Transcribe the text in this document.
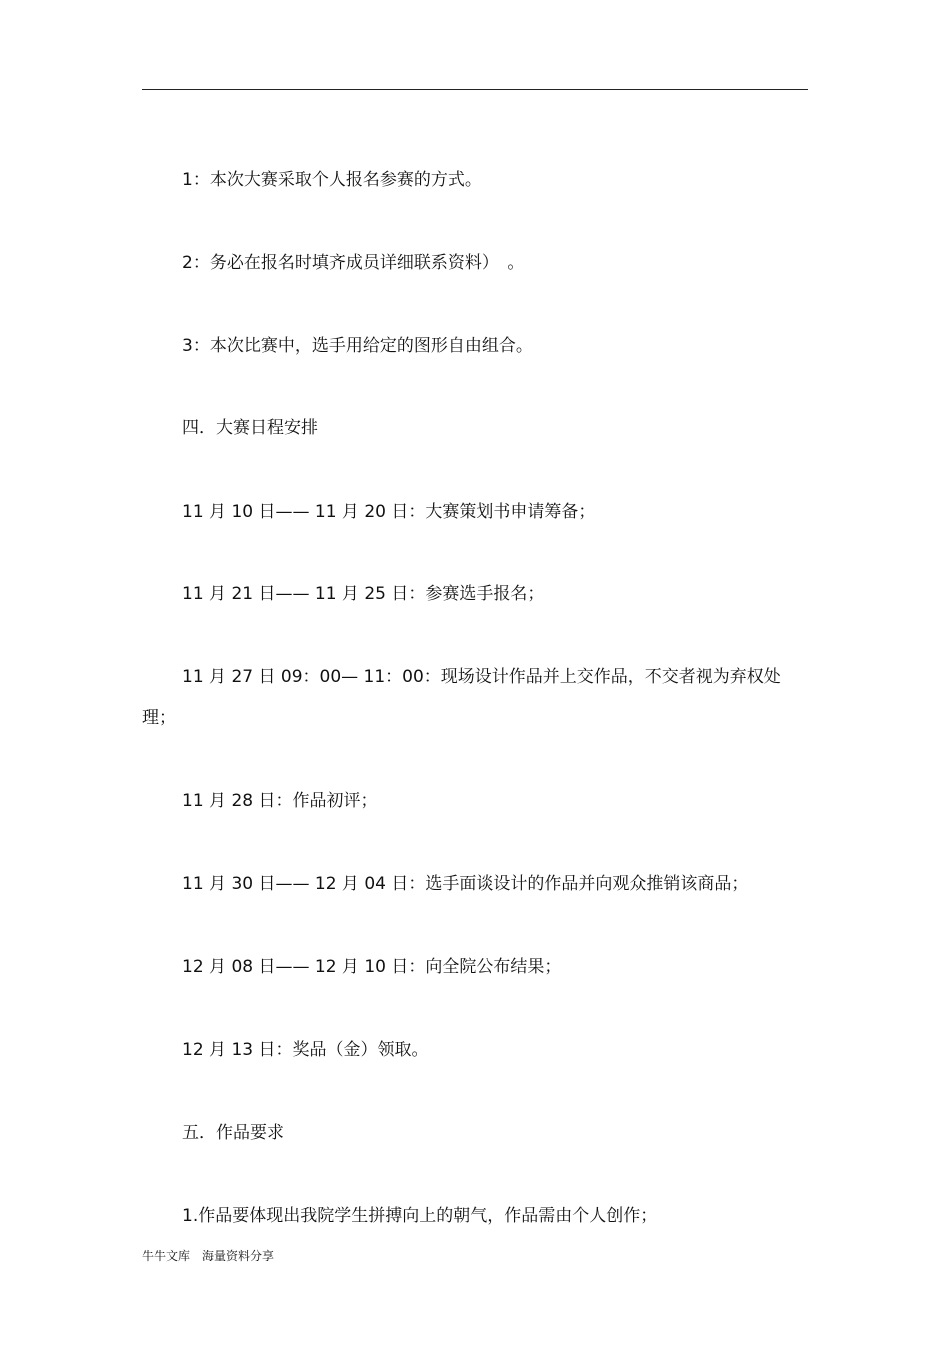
1：本次大赛采取个人报名参赛的方式。

2：务必在报名时填齐成员详细联系资料）　。

3：本次比赛中，选手用给定的图形自由组合。

四．大赛日程安排

11 月 10 日—— 11 月 20 日：大赛策划书申请筹备；

11 月 21 日—— 11 月 25 日：参赛选手报名；

11 月 27 日 09：00— 11：00：现场设计作品并上交作品，不交者视为弃权处理；

11 月 28 日：作品初评；

11 月 30 日—— 12 月 04 日：选手面谈设计的作品并向观众推销该商品；

12 月 08 日—— 12 月 10 日：向全院公布结果；

12 月 13 日：奖品（金）领取。

五．作品要求

1.作品要体现出我院学生拼搏向上的朝气，作品需由个人创作；

牛牛文库　海量资料分享
